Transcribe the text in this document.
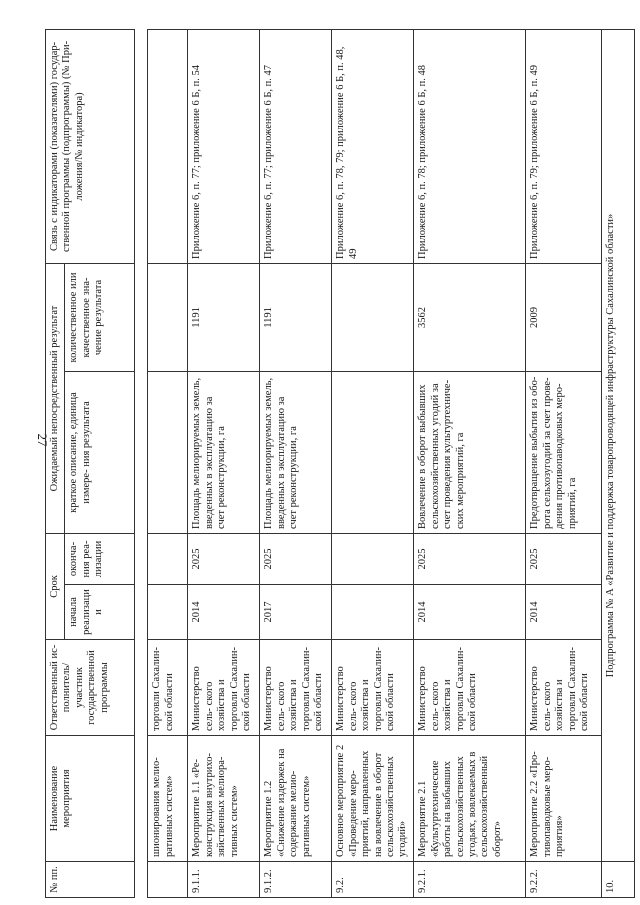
27
№ пп.	Наименование мероприятия	Ответственный ис- полнитель/участник государственной программы	Срок		Ожидаемый непосредственный результат		Связь с индикаторами (показателями) государ- ственной программы (подпрограммы) (№ При- ложения/№ индикатора)
			начала реализации	оконча- ния реа- лизации	краткое описание, единица измере- ния результата	количественное или качественное зна- чение результата	

	шионирования мелио- ративных систем»	торговли Сахалин- ской области					
9.1.1.	Мероприятие 1.1 «Ре- конструкция внутрихо- зяйственных мелиора- тивных систем»	Министерство сель- ского хозяйства и торговли Сахалин- ской области	2014	2025	Площадь мелиорируемых земель, введенных в эксплуатацию за счет реконструкции, га	1191	Приложение 6, п. 77; приложение 6 Б, п. 54
9.1.2.	Мероприятие 1.2 «Снижение издержек на содержание мелио- ративных систем»	Министерство сель- ского хозяйства и торговли Сахалин- ской области	2017	2025	Площадь мелиорируемых земель, введенных в эксплуатацию за счет реконструкции, га	1191	Приложение 6, п. 77; приложение 6 Б, п. 47
9.2.	Основное мероприятие 2 «Проведение меро- приятий, направленных на вовлечение в оборот сельскохозяйственных угодий»	Министерство сель- ского хозяйства и торговли Сахалин- ской области					Приложение 6, п. 78, 79; приложение 6 Б, п. 48, 49
9.2.1.	Мероприятие 2.1 «Культуртехнические работы на выбывших сельскохозяйственных угодьях, вовлекаемых в сельскохозяйственный оборот»	Министерство сель- ского хозяйства и торговли Сахалин- ской области	2014	2025	Вовлечение в оборот выбывших сельскохозяйственных угодий за счет проведения культуртехниче- ских мероприятий, га	3562	Приложение 6, п. 78; приложение 6 Б, п. 48
9.2.2.	Мероприятие 2.2 «Про- тивопаводковые меро- приятия»	Министерство сель- ского хозяйства и торговли Сахалин- ской области	2014	2025	Предотвращение выбытия из обо- рота сельхозугодий за счет прове- дения противопаводковых меро- приятий, га	2009	Приложение 6, п. 79; приложение 6 Б, п. 49
10.	Подпрограмма № А «Развитие и поддержка товаропроводящей инфраструктуры Сахалинской области»						
